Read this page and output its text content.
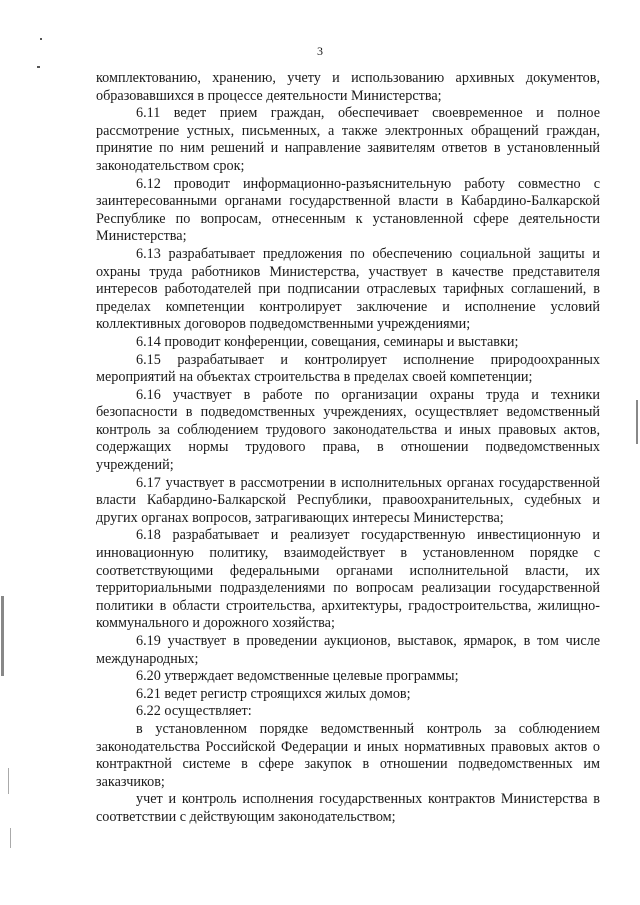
3

комплектованию, хранению, учету и использованию архивных документов, образовавшихся в процессе деятельности Министерства;

6.11 ведет прием граждан, обеспечивает своевременное и полное рассмотрение устных, письменных, а также электронных обращений граждан, принятие по ним решений и направление заявителям ответов в установленный законодательством срок;

6.12 проводит информационно-разъяснительную работу совместно с заинтересованными органами государственной власти в Кабардино-Балкарской Республике по вопросам, отнесенным к установленной сфере деятельности Министерства;

6.13 разрабатывает предложения по обеспечению социальной защиты и охраны труда работников Министерства, участвует в качестве представителя интересов работодателей при подписании отраслевых тарифных соглашений, в пределах компетенции контролирует заключение и исполнение условий коллективных договоров подведомственными учреждениями;

6.14 проводит конференции, совещания, семинары и выставки;

6.15 разрабатывает и контролирует исполнение природоохранных мероприятий на объектах строительства в пределах своей компетенции;

6.16 участвует в работе по организации охраны труда и техники безопасности в подведомственных учреждениях, осуществляет ведомственный контроль за соблюдением трудового законодательства и иных правовых актов, содержащих нормы трудового права, в отношении подведомственных учреждений;

6.17 участвует в рассмотрении в исполнительных органах государственной власти Кабардино-Балкарской Республики, правоохранительных, судебных и других органах вопросов, затрагивающих интересы Министерства;

6.18 разрабатывает и реализует государственную инвестиционную и инновационную политику, взаимодействует в установленном порядке с соответствующими федеральными органами исполнительной власти, их территориальными подразделениями по вопросам реализации государственной политики в области строительства, архитектуры, градостроительства, жилищно-коммунального и дорожного хозяйства;

6.19 участвует в проведении аукционов, выставок, ярмарок, в том числе международных;

6.20 утверждает ведомственные целевые программы;

6.21 ведет регистр строящихся жилых домов;

6.22 осуществляет:

в установленном порядке ведомственный контроль за соблюдением законодательства Российской Федерации и иных нормативных правовых актов о контрактной системе в сфере закупок в отношении подведомственных им заказчиков;

учет и контроль исполнения государственных контрактов Министерства в соответствии с действующим законодательством;
